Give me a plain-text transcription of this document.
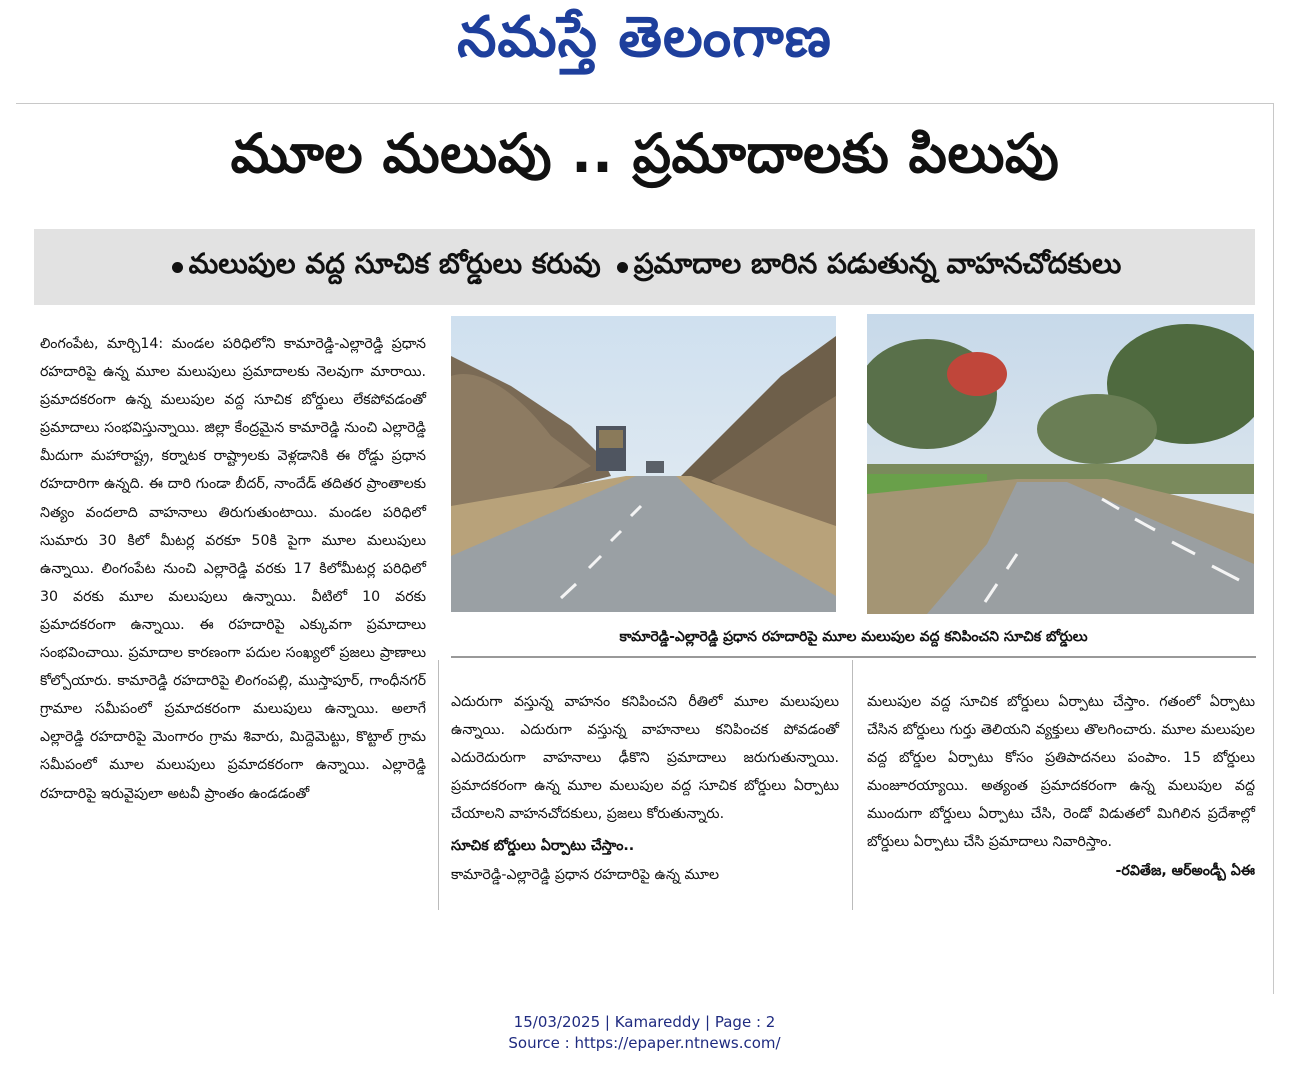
నమస్తే తెలంగాణ
మూల మలుపు .. ప్రమాదాలకు పిలుపు
మలుపుల వద్ద సూచిక బోర్డులు కరువు ప్రమాదాల బారిన పడుతున్న వాహనచోదకులు

లింగంపేట, మార్చి14: మండల పరిధిలోని కామారెడ్డి-ఎల్లారెడ్డి ప్రధాన రహదారిపై ఉన్న మూల మలుపులు ప్రమాదాలకు నెలవుగా మారాయి. ప్రమాదకరంగా ఉన్న మలుపుల వద్ద సూచిక బోర్డులు లేకపోవడంతో ప్రమాదాలు సంభవిస్తున్నాయి. జిల్లా కేంద్రమైన కామారెడ్డి నుంచి ఎల్లారెడ్డి మీదుగా మహారాష్ట్ర, కర్నాటక రాష్ట్రాలకు వెళ్లడానికి ఈ రోడ్డు ప్రధాన రహదారిగా ఉన్నది. ఈ దారి గుండా బీదర్, నాందేడ్ తదితర ప్రాంతాలకు నిత్యం వందలాది వాహనాలు తిరుగుతుంటాయి. మండల పరిధిలో సుమారు 30 కిలో మీటర్ల వరకూ 50కి పైగా మూల మలుపులు ఉన్నాయి. లింగంపేట నుంచి ఎల్లారెడ్డి వరకు 17 కిలోమీటర్ల పరిధిలో 30 వరకు మూల మలుపులు ఉన్నాయి. వీటిలో 10 వరకు ప్రమాదకరంగా ఉన్నాయి. ఈ రహదారిపై ఎక్కువగా ప్రమాదాలు సంభవించాయి. ప్రమాదాల కారణంగా పదుల సంఖ్యలో ప్రజలు ప్రాణాలు కోల్పోయారు. కామారెడ్డి రహదారిపై లింగంపల్లి, ముస్తాపూర్, గాంధీనగర్ గ్రామాల సమీపంలో ప్రమాదకరంగా మలుపులు ఉన్నాయి. అలాగే ఎల్లారెడ్డి రహదారిపై మెంగారం గ్రామ శివారు, మిద్దెమెట్టు, కొట్టాల్ గ్రామ సమీపంలో మూల మలుపులు ప్రమాదకరంగా ఉన్నాయి. ఎల్లారెడ్డి రహదారిపై ఇరువైపులా అటవీ ప్రాంతం ఉండడంతో

కామారెడ్డి-ఎల్లారెడ్డి ప్రధాన రహదారిపై మూల మలుపుల వద్ద కనిపించని సూచిక బోర్డులు

ఎదురుగా వస్తున్న వాహనం కనిపించని రీతిలో మూల మలుపులు ఉన్నాయి. ఎదురుగా వస్తున్న వాహనాలు కనిపించక పోవడంతో ఎదురెదురుగా వాహనాలు ఢీకొని ప్రమాదాలు జరుగుతున్నాయి. ప్రమాదకరంగా ఉన్న మూల మలుపుల వద్ద సూచిక బోర్డులు ఏర్పాటు చేయాలని వాహనచోదకులు, ప్రజలు కోరుతున్నారు.

సూచిక బోర్డులు ఏర్పాటు చేస్తాం..

కామారెడ్డి-ఎల్లారెడ్డి ప్రధాన రహదారిపై ఉన్న మూల

మలుపుల వద్ద సూచిక బోర్డులు ఏర్పాటు చేస్తాం. గతంలో ఏర్పాటు చేసిన బోర్డులు గుర్తు తెలియని వ్యక్తులు తొలగించారు. మూల మలుపుల వద్ద బోర్డుల ఏర్పాటు కోసం ప్రతిపాదనలు పంపాం. 15 బోర్డులు మంజూరయ్యాయి. అత్యంత ప్రమాదకరంగా ఉన్న మలుపుల వద్ద ముందుగా బోర్డులు ఏర్పాటు చేసి, రెండో విడుతలో మిగిలిన ప్రదేశాల్లో బోర్డులు ఏర్పాటు చేసి ప్రమాదాలు నివారిస్తాం.

-రవితేజ, ఆర్అండ్బీ ఏఈ

15/03/2025 | Kamareddy | Page : 2
Source : https://epaper.ntnews.com/
